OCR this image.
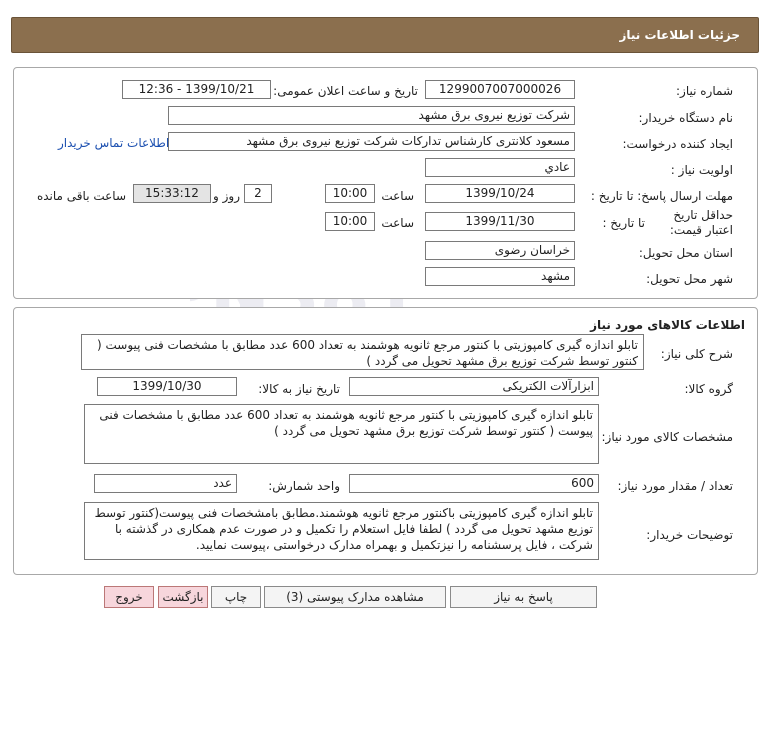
جزئیات اطلاعات نیاز
شماره نیاز:
1299007007000026
تاریخ و ساعت اعلان عمومی:
1399/10/21 - 12:36
نام دستگاه خریدار:
شرکت توزیع نیروی برق مشهد
ایجاد کننده درخواست:
مسعود کلانتری کارشناس تدارکات شرکت توزیع نیروی برق مشهد
اطلاعات تماس خریدار
اولویت نیاز :
عادي
مهلت ارسال پاسخ: تا تاریخ :
1399/10/24
ساعت
10:00
2
روز و
15:33:12
ساعت باقی مانده
حداقل تاریخ اعتبار قیمت:
تا تاریخ :
1399/11/30
ساعت
10:00
استان محل تحویل:
خراسان رضوی
شهر محل تحویل:
مشهد
اطلاعات کالاهای مورد نیاز
شرح کلی نیاز:
تابلو اندازه گیری کامپوزیتی با کنتور مرجع ثانویه هوشمند به تعداد 600 عدد مطابق با مشخصات فنی پیوست ( کنتور توسط شرکت توزیع برق مشهد تحویل می گردد )
گروه کالا:
ابزارآلات الکتریکی
تاریخ نیاز به کالا:
1399/10/30
مشخصات کالای مورد نیاز:
تابلو اندازه گیری کامپوزیتی با کنتور مرجع ثانویه هوشمند به تعداد 600 عدد مطابق با مشخصات فنی پیوست ( کنتور توسط شرکت توزیع برق مشهد تحویل می گردد )
تعداد / مقدار مورد نیاز:
600
واحد شمارش:
عدد
توضیحات خریدار:
تابلو اندازه گیری کامپوزیتی باکنتور مرجع ثانویه هوشمند.مطابق بامشخصات فنی پیوست(کنتور توسط توزیع مشهد تحویل می گردد ) لطفا فایل استعلام را تکمیل و در صورت عدم همکاری در گذشته با شرکت ، فایل پرسشنامه را نیزتکمیل و بهمراه مدارک درخواستی ،پیوست نمایید.
پاسخ به نیاز
مشاهده مدارک پیوستی (3)
چاپ
بازگشت
خروج
